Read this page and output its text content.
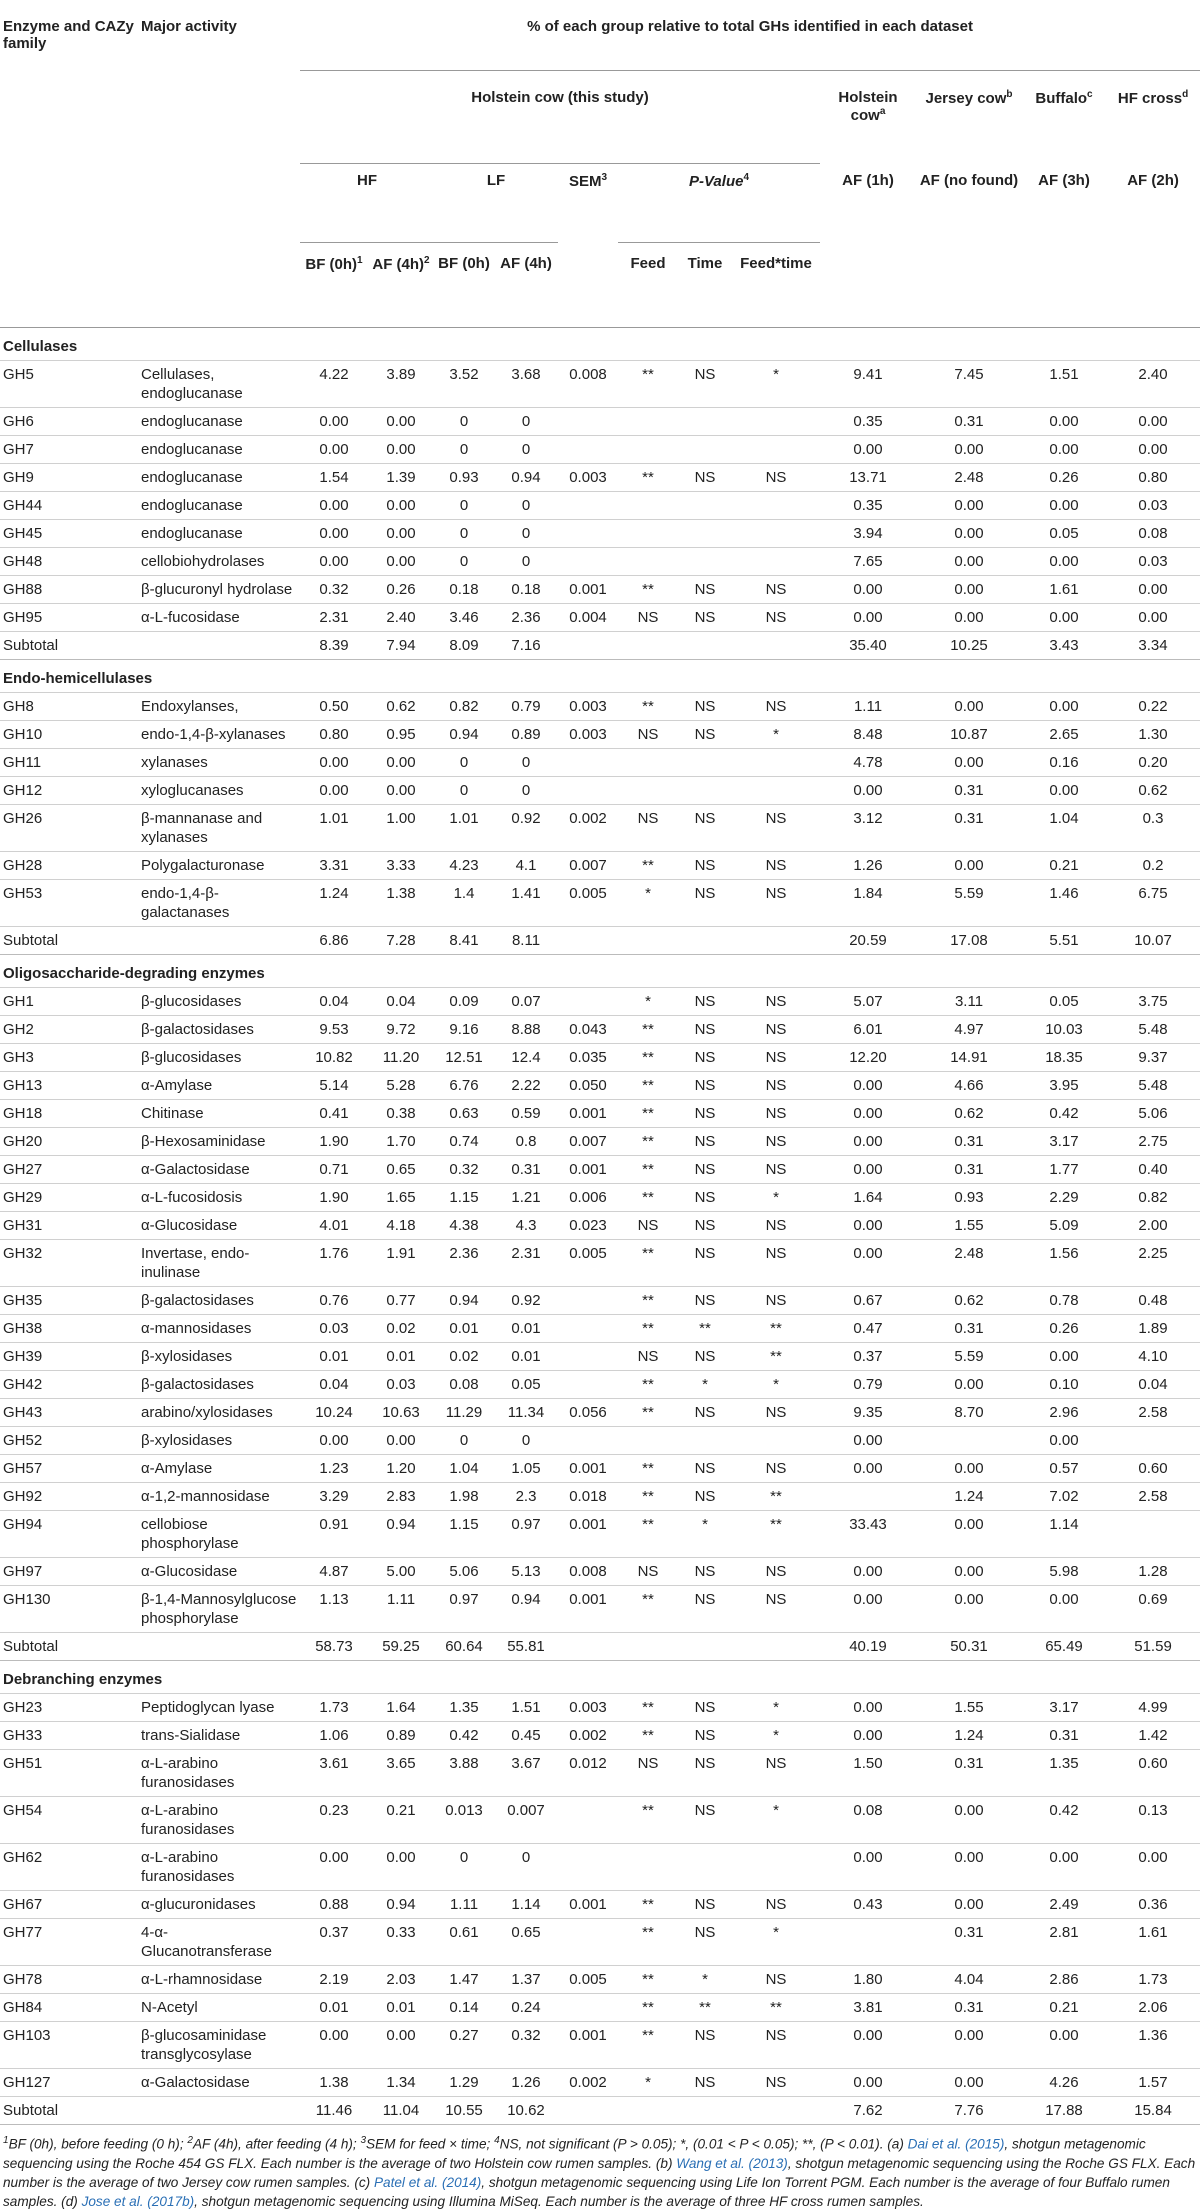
Enzyme and CAZy family	Major activity	% of each group relative to total GHs identified in each dataset											
		Holstein cow (this study)								Holstein cow$^a$	Jersey cow$^b$	Buffalo$^c$	HF cross$^d$
		HF		LF		SEM$^3$	P-Value$^4$			AF (1h)	AF (no found)	AF (3h)	AF (2h)
		BF $(0h)^1$	AF $(4h)^2$	BF (0h)	AF (4h)		Feed	Time	Feed*time				
Cellulases													
GH5	Cellulases, endoglucanase	4.22	3.89	3.52	3.68	0.008	**	NS	*	9.41	7.45	1.51	2.40
GH6	endoglucanase	0.00	0.00	0	0					0.35	0.31	0.00	0.00
GH7	endoglucanase	0.00	0.00	0	0					0.00	0.00	0.00	0.00
GH9	endoglucanase	1.54	1.39	0.93	0.94	0.003	**	NS	NS	13.71	2.48	0.26	0.80
GH44	endoglucanase	0.00	0.00	0	0					0.35	0.00	0.00	0.03
GH45	endoglucanase	0.00	0.00	0	0					3.94	0.00	0.05	0.08
GH48	cellobiohydrolases	0.00	0.00	0	0					7.65	0.00	0.00	0.03
GH88	β-glucuronyl hydrolase	0.32	0.26	0.18	0.18	0.001	**	NS	NS	0.00	0.00	1.61	0.00
GH95	α-L-fucosidase	2.31	2.40	3.46	2.36	0.004	NS	NS	NS	0.00	0.00	0.00	0.00
Subtotal		8.39	7.94	8.09	7.16					35.40	10.25	3.43	3.34
Endo-hemicellulases													
GH8	Endoxylanses,	0.50	0.62	0.82	0.79	0.003	**	NS	NS	1.11	0.00	0.00	0.22
GH10	endo-1,4-β-xylanases	0.80	0.95	0.94	0.89	0.003	NS	NS	*	8.48	10.87	2.65	1.30
GH11	xylanases	0.00	0.00	0	0					4.78	0.00	0.16	0.20
GH12	xyloglucanases	0.00	0.00	0	0					0.00	0.31	0.00	0.62
GH26	β-mannanase and xylanases	1.01	1.00	1.01	0.92	0.002	NS	NS	NS	3.12	0.31	1.04	0.3
GH28	Polygalacturonase	3.31	3.33	4.23	4.1	0.007	**	NS	NS	1.26	0.00	0.21	0.2
GH53	endo-1,4-β-galactanases	1.24	1.38	1.4	1.41	0.005	*	NS	NS	1.84	5.59	1.46	6.75
Subtotal		6.86	7.28	8.41	8.11					20.59	17.08	5.51	10.07
Oligosaccharide-degrading enzymes													
GH1	β-glucosidases	0.04	0.04	0.09	0.07		*	NS	NS	5.07	3.11	0.05	3.75
GH2	β-galactosidases	9.53	9.72	9.16	8.88	0.043	**	NS	NS	6.01	4.97	10.03	5.48
GH3	β-glucosidases	10.82	11.20	12.51	12.4	0.035	**	NS	NS	12.20	14.91	18.35	9.37
GH13	α-Amylase	5.14	5.28	6.76	2.22	0.050	**	NS	NS	0.00	4.66	3.95	5.48
GH18	Chitinase	0.41	0.38	0.63	0.59	0.001	**	NS	NS	0.00	0.62	0.42	5.06
GH20	β-Hexosaminidase	1.90	1.70	0.74	0.8	0.007	**	NS	NS	0.00	0.31	3.17	2.75
GH27	α-Galactosidase	0.71	0.65	0.32	0.31	0.001	**	NS	NS	0.00	0.31	1.77	0.40
GH29	α-L-fucosidosis	1.90	1.65	1.15	1.21	0.006	**	NS	*	1.64	0.93	2.29	0.82
GH31	α-Glucosidase	4.01	4.18	4.38	4.3	0.023	NS	NS	NS	0.00	1.55	5.09	2.00
GH32	Invertase, endo-inulinase	1.76	1.91	2.36	2.31	0.005	**	NS	NS	0.00	2.48	1.56	2.25
GH35	β-galactosidases	0.76	0.77	0.94	0.92		**	NS	NS	0.67	0.62	0.78	0.48
GH38	α-mannosidases	0.03	0.02	0.01	0.01		**	**	**	0.47	0.31	0.26	1.89
GH39	β-xylosidases	0.01	0.01	0.02	0.01		NS	NS	**	0.37	5.59	0.00	4.10
GH42	β-galactosidases	0.04	0.03	0.08	0.05		**	*	*	0.79	0.00	0.10	0.04
GH43	arabino/xylosidases	10.24	10.63	11.29	11.34	0.056	**	NS	NS	9.35	8.70	2.96	2.58
GH52	β-xylosidases	0.00	0.00	0	0					0.00		0.00	
GH57	α-Amylase	1.23	1.20	1.04	1.05	0.001	**	NS	NS	0.00	0.00	0.57	0.60
GH92	α-1,2-mannosidase	3.29	2.83	1.98	2.3	0.018	**	NS	**		1.24	7.02	2.58
GH94	cellobiose phosphorylase	0.91	0.94	1.15	0.97	0.001	**	*	**	33.43	0.00	1.14	
GH97	α-Glucosidase	4.87	5.00	5.06	5.13	0.008	NS	NS	NS	0.00	0.00	5.98	1.28
GH130	β-1,4-Mannosylglucose phosphorylase	1.13	1.11	0.97	0.94	0.001	**	NS	NS	0.00	0.00	0.00	0.69
Subtotal		58.73	59.25	60.64	55.81					40.19	50.31	65.49	51.59
Debranching enzymes													
GH23	Peptidoglycan lyase	1.73	1.64	1.35	1.51	0.003	**	NS	*	0.00	1.55	3.17	4.99
GH33	trans-Sialidase	1.06	0.89	0.42	0.45	0.002	**	NS	*	0.00	1.24	0.31	1.42
GH51	α-L-arabino furanosidases	3.61	3.65	3.88	3.67	0.012	NS	NS	NS	1.50	0.31	1.35	0.60
GH54	α-L-arabino furanosidases	0.23	0.21	0.013	0.007		**	NS	*	0.08	0.00	0.42	0.13
GH62	α-L-arabino furanosidases	0.00	0.00	0	0					0.00	0.00	0.00	0.00
GH67	α-glucuronidases	0.88	0.94	1.11	1.14	0.001	**	NS	NS	0.43	0.00	2.49	0.36
GH77	4-α-Glucanotransferase	0.37	0.33	0.61	0.65		**	NS	*		0.31	2.81	1.61
GH78	α-L-rhamnosidase	2.19	2.03	1.47	1.37	0.005	**	*	NS	1.80	4.04	2.86	1.73
GH84	N-Acetyl	0.01	0.01	0.14	0.24		**	**	**	3.81	0.31	0.21	2.06
GH103	β-glucosaminidase transglycosylase	0.00	0.00	0.27	0.32	0.001	**	NS	NS	0.00	0.00	0.00	1.36
GH127	α-Galactosidase	1.38	1.34	1.29	1.26	0.002	*	NS	NS	0.00	0.00	4.26	1.57
Subtotal		11.46	11.04	10.55	10.62					7.62	7.76	17.88	15.84
$^1$BF (0h), before feeding (0 h); $^2$AF (4h), after feeding (4 h); $^3$SEM for feed × time; $^4$NS, not significant (P > 0.05); *, (0.01 < P < 0.05); **, (P < 0.01). (a) Dai et al. (2015), shotgun metagenomic sequencing using the Roche 454 GS FLX. Each number is the average of two Holstein cow rumen samples. (b) Wang et al. (2013), shotgun metagenomic sequencing using the Roche GS FLX. Each number is the average of two Jersey cow rumen samples. (c) Patel et al. (2014), shotgun metagenomic sequencing using Life Ion Torrent PGM. Each number is the average of four Buffalo rumen samples. (d) Jose et al. (2017b), shotgun metagenomic sequencing using Illumina MiSeq. Each number is the average of three HF cross rumen samples.
